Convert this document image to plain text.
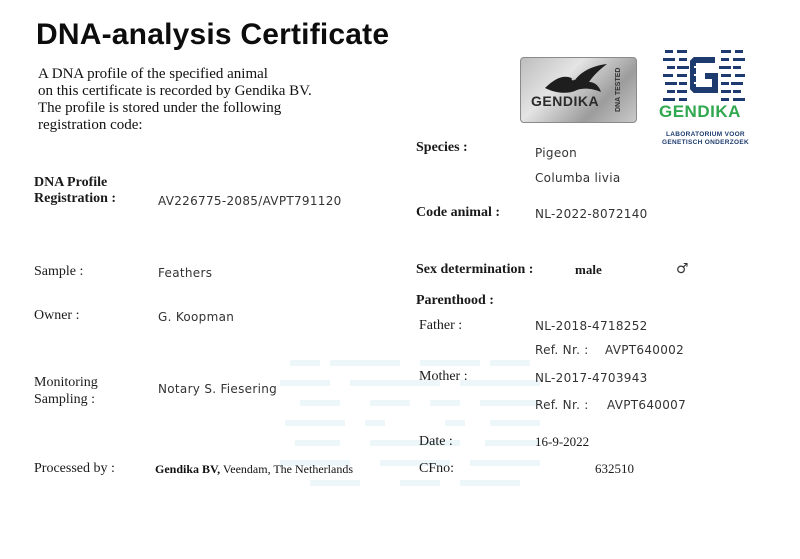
DNA-analysis Certificate
A DNA profile of the specified animal
on this certificate is recorded by Gendika BV.
The profile is stored under the following
registration code:
GENDIKA DNA TESTED	GENDIKA
LABORATORIUM VOOR
GENETISCH ONDERZOEK
DNA Profile
Registration :	AV226775-2085/AVPT791120
Sample :	Feathers
Owner :	G. Koopman
Monitoring
Sampling :
Notary S. Fiesering
Processed by :	Gendika BV, Veendam, The Netherlands
Species :	Pigeon
Columba livia
Code animal :	NL-2022-8072140
Sex determination :	male	♂
Parenthood :
Father :	NL-2018-4718252
Ref. Nr. : AVPT640002
Mother :	NL-2017-4703943
Ref. Nr. : AVPT640007
Date :	16-9-2022
CFno:	632510
